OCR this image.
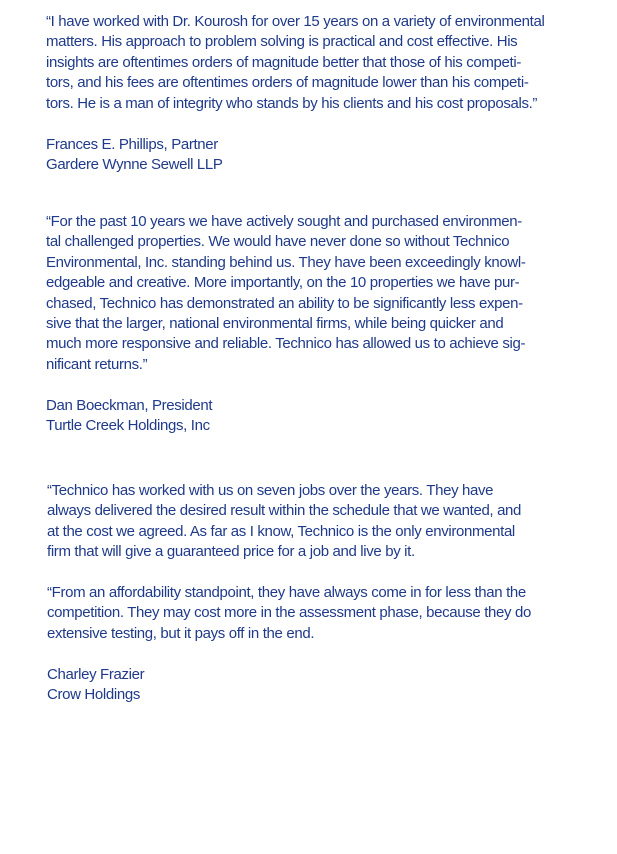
“I have worked with Dr. Kourosh for over 15 years on a variety of environmental
matters. His approach to problem solving is practical and cost effective. His
insights are oftentimes orders of magnitude better that those of his competi-
tors, and his fees are oftentimes orders of magnitude lower than his competi-
tors. He is a man of integrity who stands by his clients and his cost proposals.”
Frances E. Phillips, Partner
Gardere Wynne Sewell LLP
“For the past 10 years we have actively sought and purchased environmen-
tal challenged properties. We would have never done so without Technico
Environmental, Inc. standing behind us. They have been exceedingly knowl-
edgeable and creative. More importantly, on the 10 properties we have pur-
chased, Technico has demonstrated an ability to be significantly less expen-
sive that the larger, national environmental firms, while being quicker and
much more responsive and reliable. Technico has allowed us to achieve sig-
nificant returns.”
Dan Boeckman, President
Turtle Creek Holdings, Inc
“Technico has worked with us on seven jobs over the years. They have
always delivered the desired result within the schedule that we wanted, and
at the cost we agreed. As far as I know, Technico is the only environmental
firm that will give a guaranteed price for a job and live by it.
“From an affordability standpoint, they have always come in for less than the
competition. They may cost more in the assessment phase, because they do
extensive testing, but it pays off in the end.
Charley Frazier
Crow Holdings
